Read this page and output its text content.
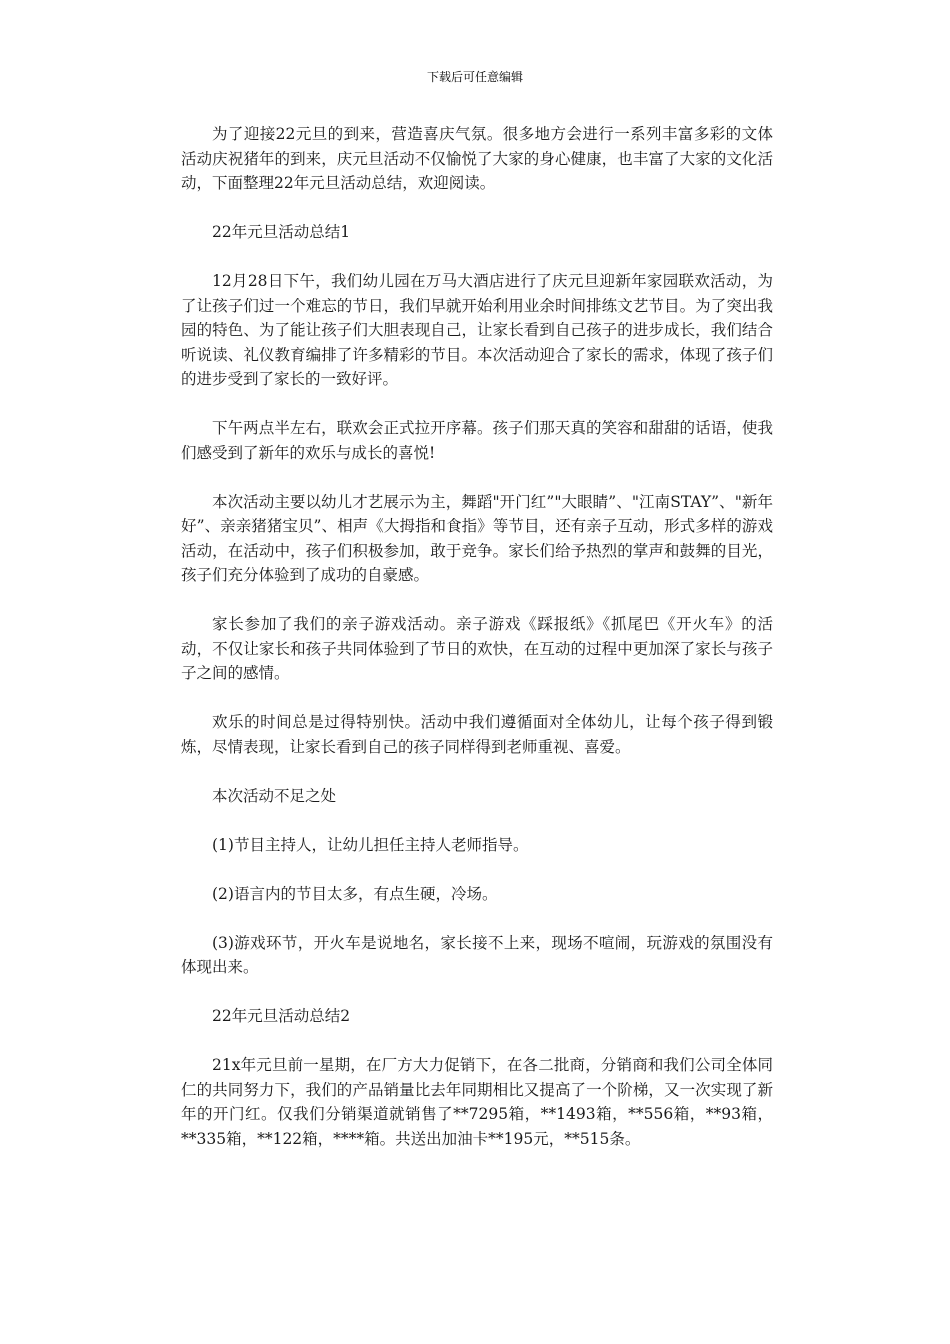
下载后可任意编辑

为了迎接22元旦的到来，营造喜庆气氛。很多地方会进行一系列丰富多彩的文体活动庆祝猪年的到来，庆元旦活动不仅愉悦了大家的身心健康，也丰富了大家的文化活动，下面整理22年元旦活动总结，欢迎阅读。

22年元旦活动总结1

12月28日下午，我们幼儿园在万马大酒店进行了庆元旦迎新年家园联欢活动，为了让孩子们过一个难忘的节日，我们早就开始利用业余时间排练文艺节目。为了突出我园的特色、为了能让孩子们大胆表现自己，让家长看到自己孩子的进步成长，我们结合听说读、礼仪教育编排了许多精彩的节目。本次活动迎合了家长的需求，体现了孩子们的进步受到了家长的一致好评。

下午两点半左右，联欢会正式拉开序幕。孩子们那天真的笑容和甜甜的话语，使我们感受到了新年的欢乐与成长的喜悦!

本次活动主要以幼儿才艺展示为主，舞蹈"开门红”"大眼睛”、"江南STAY”、"新年好”、亲亲猪猪宝贝”、相声《大拇指和食指》等节目，还有亲子互动，形式多样的游戏活动，在活动中，孩子们积极参加，敢于竞争。家长们给予热烈的掌声和鼓舞的目光，孩子们充分体验到了成功的自豪感。

家长参加了我们的亲子游戏活动。亲子游戏《踩报纸》《抓尾巴《开火车》的活动，不仅让家长和孩子共同体验到了节日的欢快，在互动的过程中更加深了家长与孩子子之间的感情。

欢乐的时间总是过得特别快。活动中我们遵循面对全体幼儿，让每个孩子得到锻炼，尽情表现，让家长看到自己的孩子同样得到老师重视、喜爱。

本次活动不足之处

(1)节目主持人，让幼儿担任主持人老师指导。

(2)语言内的节目太多，有点生硬，冷场。

(3)游戏环节，开火车是说地名，家长接不上来，现场不喧闹，玩游戏的氛围没有体现出来。

22年元旦活动总结2

21x年元旦前一星期，在厂方大力促销下，在各二批商，分销商和我们公司全体同仁的共同努力下，我们的产品销量比去年同期相比又提高了一个阶梯，又一次实现了新年的开门红。仅我们分销渠道就销售了**7295箱，**1493箱，**556箱，**93箱，**335箱，**122箱，****箱。共送出加油卡**195元，**515条。
